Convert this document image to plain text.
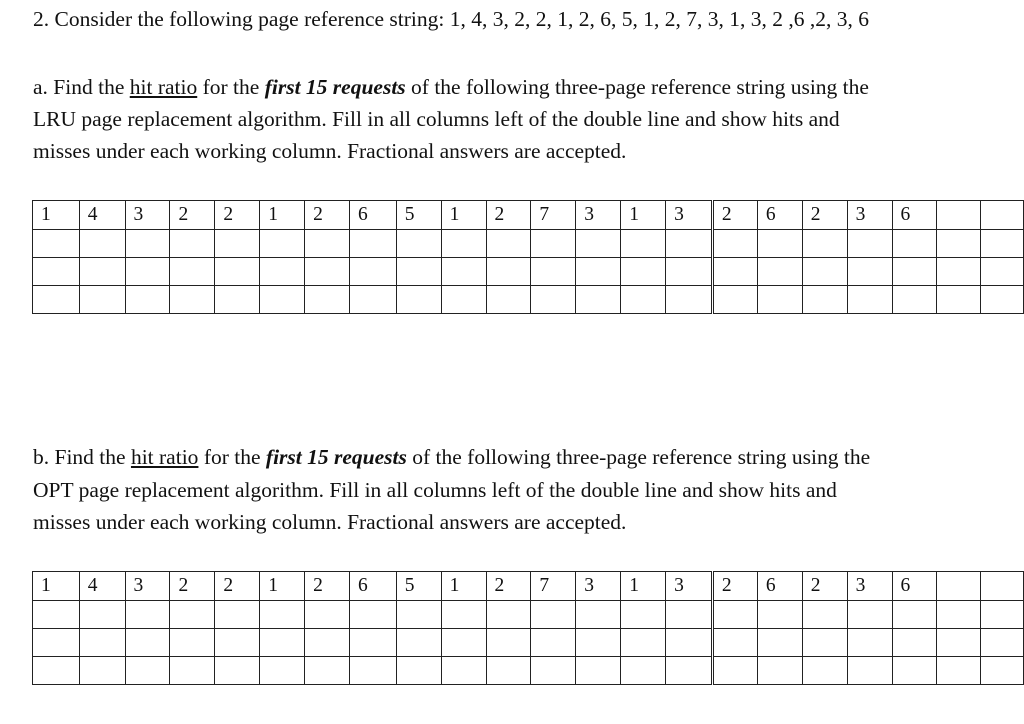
2. Consider the following page reference string: 1, 4, 3, 2, 2, 1, 2, 6, 5, 1, 2, 7, 3, 1, 3, 2 ,6 ,2, 3, 6
a. Find the hit ratio for the first 15 requests of the following three-page reference string using the
LRU page replacement algorithm. Fill in all columns left of the double line and show hits and
misses under each working column. Fractional answers are accepted.
1	4	3	2	2	1	2	6	5	1	2	7	3	1	3	2	6	2	3	6		

b. Find the hit ratio for the first 15 requests of the following three-page reference string using the
OPT page replacement algorithm. Fill in all columns left of the double line and show hits and
misses under each working column. Fractional answers are accepted.
1	4	3	2	2	1	2	6	5	1	2	7	3	1	3	2	6	2	3	6		
